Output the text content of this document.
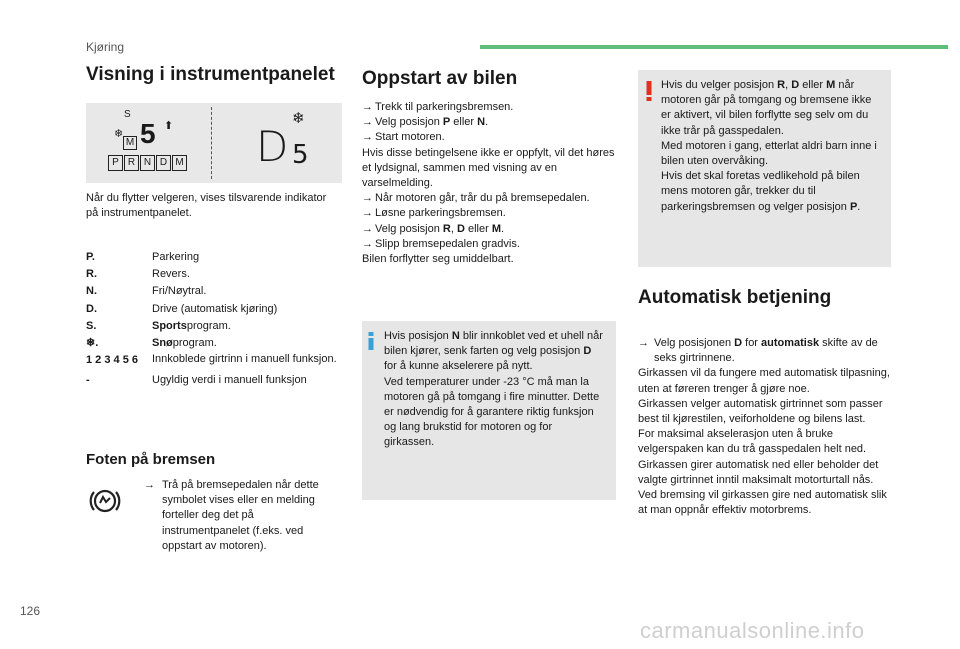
Kjøring
Visning i instrumentpanelet
S
❄
M 5 ⬆
P R N D M D
❄
5
Når du flytter velgeren, vises tilsvarende indikator på instrumentpanelet.
P.	Parkering
R.	Revers.
N.	Fri/Nøytral.
D.	Drive (automatisk kjøring)
S.	Sportsprogram.
❄.	Snøprogram.
1 2 3 4 5 6	Innkoblede girtrinn i manuell funksjon.
-	Ugyldig verdi i manuell funksjon
Foten på bremsen
→ Trå på bremsepedalen når dette symbolet vises eller en melding forteller deg det på instrumentpanelet (f.eks. ved oppstart av motoren).
Oppstart av bilen
→ Trekk til parkeringsbremsen.
→ Velg posisjon P eller N.
→ Start motoren.
Hvis disse betingelsene ikke er oppfylt, vil det høres et lydsignal, sammen med visning av en varselmelding.
→ Når motoren går, trår du på bremsepedalen.
→ Løsne parkeringsbremsen.
→ Velg posisjon R, D eller M.
→ Slipp bremsepedalen gradvis.
Bilen forflytter seg umiddelbart.
Hvis posisjon N blir innkoblet ved et uhell når bilen kjører, senk farten og velg posisjon D for å kunne akselerere på nytt.
Ved temperaturer under -23 °C må man la motoren gå på tomgang i fire minutter. Dette er nødvendig for å garantere riktig funksjon og lang brukstid for motoren og for girkassen.
Hvis du velger posisjon R, D eller M når motoren går på tomgang og bremsene ikke er aktivert, vil bilen forflytte seg selv om du ikke trår på gasspedalen.
Med motoren i gang, etterlat aldri barn inne i bilen uten overvåking.
Hvis det skal foretas vedlikehold på bilen mens motoren går, trekker du til parkeringsbremsen og velger posisjon P.
Automatisk betjening
→ Velg posisjonen D for automatisk skifte av de seks girtrinnene.
Girkassen vil da fungere med automatisk tilpasning, uten at føreren trenger å gjøre noe.
Girkassen velger automatisk girtrinnet som passer best til kjørestilen, veiforholdene og bilens last.
For maksimal akselerasjon uten å bruke velgerspaken kan du trå gasspedalen helt ned. Girkassen girer automatisk ned eller beholder det valgte girtrinnet inntil maksimalt motorturtall nås.
Ved bremsing vil girkassen gire ned automatisk slik at man oppnår effektiv motorbrems.
126
carmanualsonline.info
